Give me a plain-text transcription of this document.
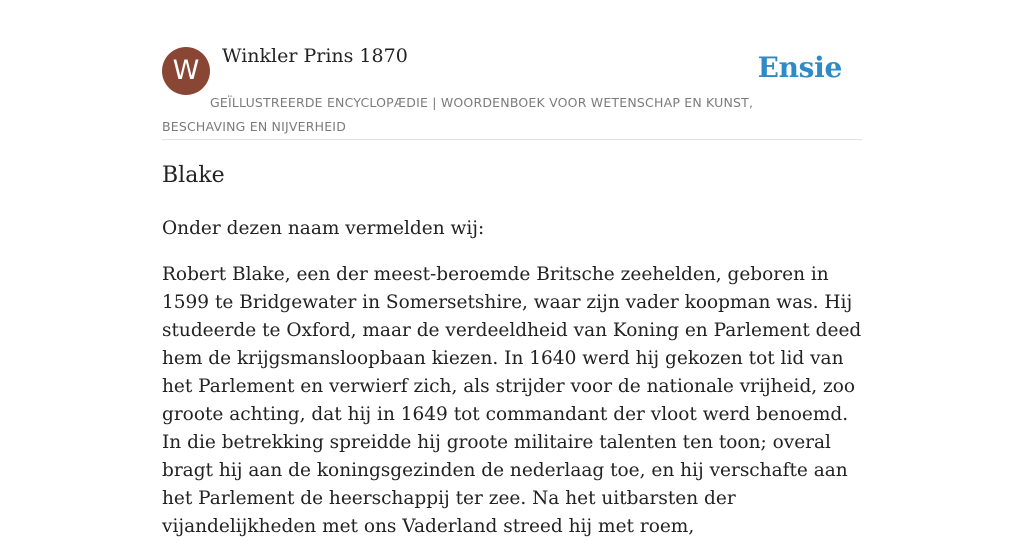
W	Winkler Prins 1870	Ensie
GEÏLLUSTREERDE ENCYCLOPÆDIE | WOORDENBOEK VOOR WETENSCHAP EN KUNST, BESCHAVING EN NIJVERHEID
Blake

Onder dezen naam vermelden wij:

Robert Blake, een der meest-beroemde Britsche zeehelden, geboren in 1599 te Bridgewater in Somersetshire, waar zijn vader koopman was. Hij studeerde te Oxford, maar de verdeeldheid van Koning en Parlement deed hem de krijgsmansloopbaan kiezen. In 1640 werd hij gekozen tot lid van het Parlement en verwierf zich, als strijder voor de nationale vrijheid, zoo groote achting, dat hij in 1649 tot commandant der vloot werd benoemd. In die betrekking spreidde hij groote militaire talenten ten toon; overal bragt hij aan de koningsgezinden de nederlaag toe, en hij verschafte aan het Parlement de heerschappij ter zee. Na het uitbarsten der vijandelijkheden met ons Vaderland streed hij met roem,
